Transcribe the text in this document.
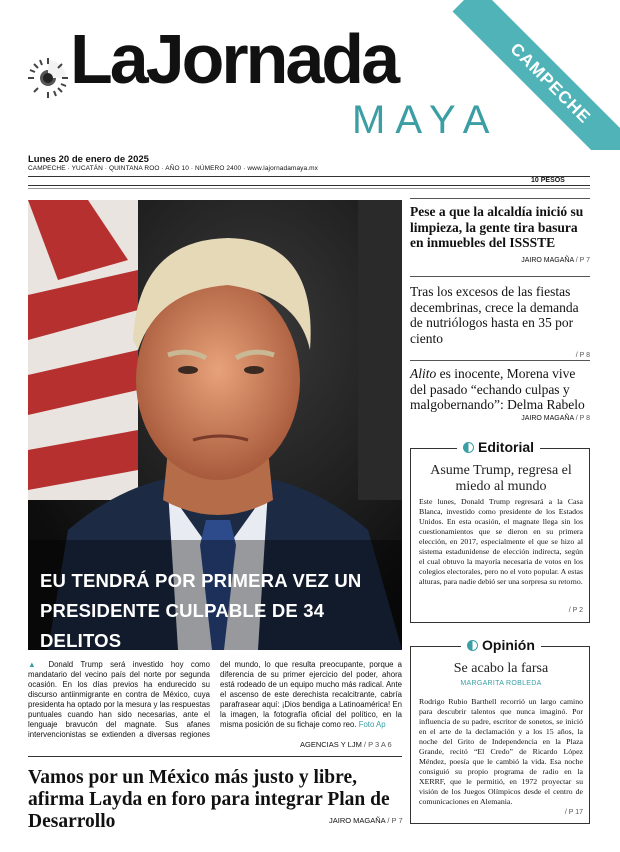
LaJornada
MAYA CAMPECHE
Lunes 20 de enero de 2025
CAMPECHE · YUCATÁN · QUINTANA ROO · AÑO 10 · NÚMERO 2400 · www.lajornadamaya.mx
10 PESOS
EU TENDRÁ POR PRIMERA VEZ UN
PRESIDENTE CULPABLE DE 34 DELITOS
▲ Donald Trump será investido hoy como mandatario del vecino país del norte por segunda ocasión. En los días previos ha endurecido su discurso antiinmigrante en contra de México, cuya presidenta ha optado por la mesura y las respuestas puntuales cuando han sido necesarias, ante el lenguaje bravucón del magnate. Sus afanes intervencionistas se extienden a diversas regiones del mundo, lo que resulta preocupante, porque a diferencia de su primer ejercicio del poder, ahora está rodeado de un equipo mucho más radical. Ante el ascenso de este derechista recalcitrante, cabría parafrasear aquí: ¡Dios bendiga a Latinoamérica! En la imagen, la fotografía oficial del político, en la misma posición de su fichaje como reo. Foto Ap
AGENCIAS Y LJM / P 3 A 6
Vamos por un México más justo y libre, afirma Layda en foro para integrar Plan de Desarrollo	JAIRO MAGAÑA / P 7
Pese a que la alcaldía inició su limpieza, la gente tira basura en inmuebles del ISSSTE
JAIRO MAGAÑA / P 7
Tras los excesos de las fiestas decembrinas, crece la demanda de nutriólogos hasta en 35 por ciento
/ P 8
Alito es inocente, Morena vive del pasado “echando culpas y malgobernando”: Delma Rabelo
JAIRO MAGAÑA / P 8
Editorial
Asume Trump, regresa el miedo al mundo
Este lunes, Donald Trump regresará a la Casa Blanca, investido como presidente de los Estados Unidos. En esta ocasión, el magnate llega sin los cuestionamientos que se dieron en su primera elección, en 2017, especialmente el que se hizo al sistema estadunidense de elección indirecta, según el cual obtuvo la mayoría necesaria de votos en los colegios electorales, pero no el voto popular. A estas alturas, para nadie debió ser una sorpresa su retorno.
/ P 2
Opinión
Se acabo la farsa
MARGARITA ROBLEDA
Rodrigo Rubio Barthell recorrió un largo camino para descubrir talentos que nunca imaginó. Por influencia de su padre, escritor de sonetos, se inició en el arte de la declamación y a los 15 años, la noche del Grito de Independencia en la Plaza Grande, recitó “El Credo” de Ricardo López Méndez, poesía que le cambió la vida. Esa noche consiguió su propio programa de radio en la XERRF, que le permitió, en 1972 proyectar su visión de los Juegos Olímpicos desde el centro de comunicaciones en Alemania.
/ P 17
